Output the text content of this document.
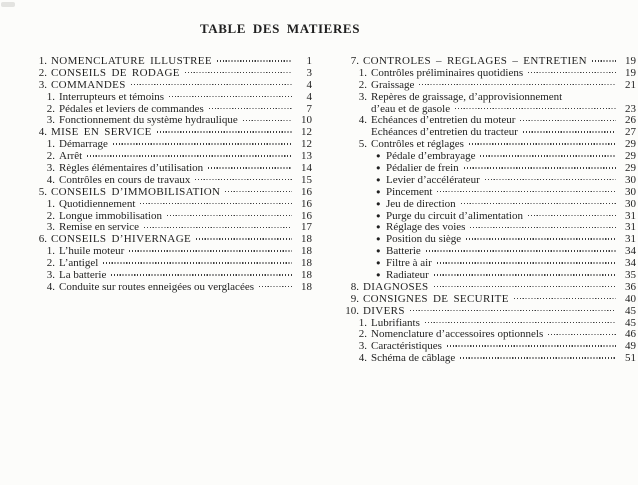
TABLE DES MATIERES
1. NOMENCLATURE ILLUSTREE	1
2. CONSEILS DE RODAGE	3
3. COMMANDES	4
1. Interrupteurs et témoins	4
2. Pédales et leviers de commandes	7
3. Fonctionnement du système hydraulique	10
4. MISE EN SERVICE	12
1. Démarrage	12
2. Arrêt	13
3. Règles élémentaires d’utilisation	14
4. Contrôles en cours de travaux	15
5. CONSEILS D’IMMOBILISATION	16
1. Quotidiennement	16
2. Longue immobilisation	16
3. Remise en service	17
6. CONSEILS D’HIVERNAGE	18
1. L’huile moteur	18
2. L’antigel	18
3. La batterie	18
4. Conduite sur routes enneigées ou verglacées	18
7. CONTROLES – REGLAGES – ENTRETIEN	19
1. Contrôles préliminaires quotidiens	19
2. Graissage	21
3. Repères de graissage, d’approvisionnement
d’eau et de gasole	23
4. Echéances d’entretien du moteur	26
Echéances d’entretien du tracteur	27
5. Contrôles et réglages	29
● Pédale d’embrayage	29
● Pédalier de frein	29
● Levier d’accélérateur	30
● Pincement	30
● Jeu de direction	30
● Purge du circuit d’alimentation	31
● Réglage des voies	31
● Position du siège	31
● Batterie	34
● Filtre à air	34
● Radiateur	35
8. DIAGNOSES	36
9. CONSIGNES DE SECURITE	40
10. DIVERS	45
1. Lubrifiants	45
2. Nomenclature d’accessoires optionnels	46
3. Caractéristiques	49
4. Schéma de câblage	51
